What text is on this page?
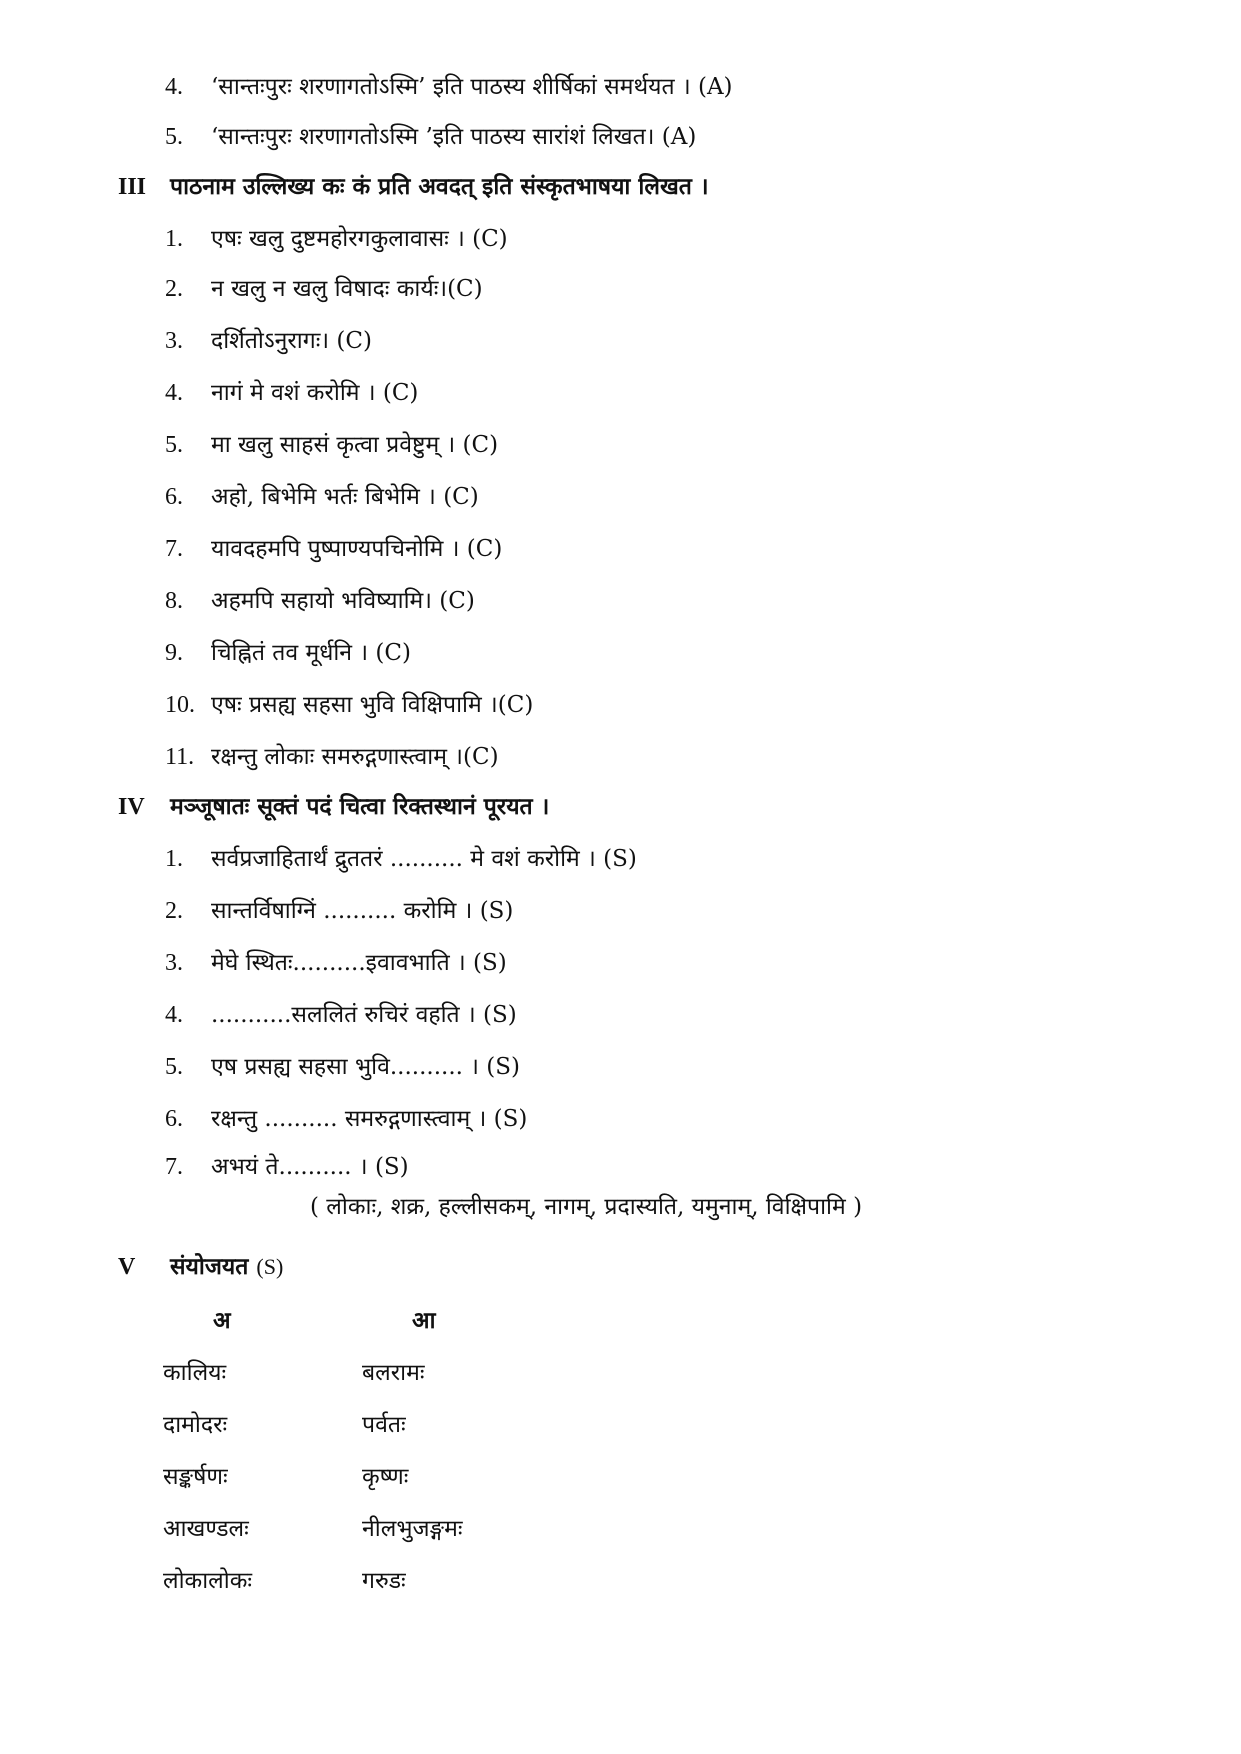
4. ‘सान्तःपुरः शरणागतोऽस्मि’ इति पाठस्य शीर्षिकां समर्थयत । (A)
5. ‘सान्तःपुरः शरणागतोऽस्मि ’इति पाठस्य सारांशं लिखत। (A)
III पाठनाम उल्लिख्य कः कं प्रति अवदत् इति संस्कृतभाषया लिखत ।
1. एषः खलु दुष्टमहोरगकुलावासः । (C)
2. न खलु न खलु विषादः कार्यः।(C)
3. दर्शितोऽनुरागः। (C)
4. नागं मे वशं करोमि । (C)
5. मा खलु साहसं कृत्वा प्रवेष्टुम् । (C)
6. अहो, बिभेमि भर्तः बिभेमि । (C)
7. यावदहमपि पुष्पाण्यपचिनोमि । (C)
8. अहमपि सहायो भविष्यामि। (C)
9. चिह्नितं तव मूर्धनि । (C)
10. एषः प्रसह्य सहसा भुवि विक्षिपामि ।(C)
11. रक्षन्तु लोकाः समरुद्गणास्त्वाम् ।(C)
IV मञ्जूषातः सूक्तं पदं चित्वा रिक्तस्थानं पूरयत ।
1. सर्वप्रजाहितार्थं द्रुततरं .......... मे वशं करोमि । (S)
2. सान्तर्विषाग्निं .......... करोमि । (S)
3. मेघे स्थितः..........इवावभाति । (S)
4. ...........सललितं रुचिरं वहति । (S)
5. एष प्रसह्य सहसा भुवि.......... । (S)
6. रक्षन्तु .......... समरुद्गणास्त्वाम् । (S)
7. अभयं ते.......... । (S)
( लोकाः, शक्र, हल्लीसकम्, नागम्, प्रदास्यति, यमुनाम्, विक्षिपामि )
V संयोजयत (S)
अ	आ
कालियः	बलरामः
दामोदरः	पर्वतः
सङ्कर्षणः	कृष्णः
आखण्डलः	नीलभुजङ्गमः
लोकालोकः	गरुडः
